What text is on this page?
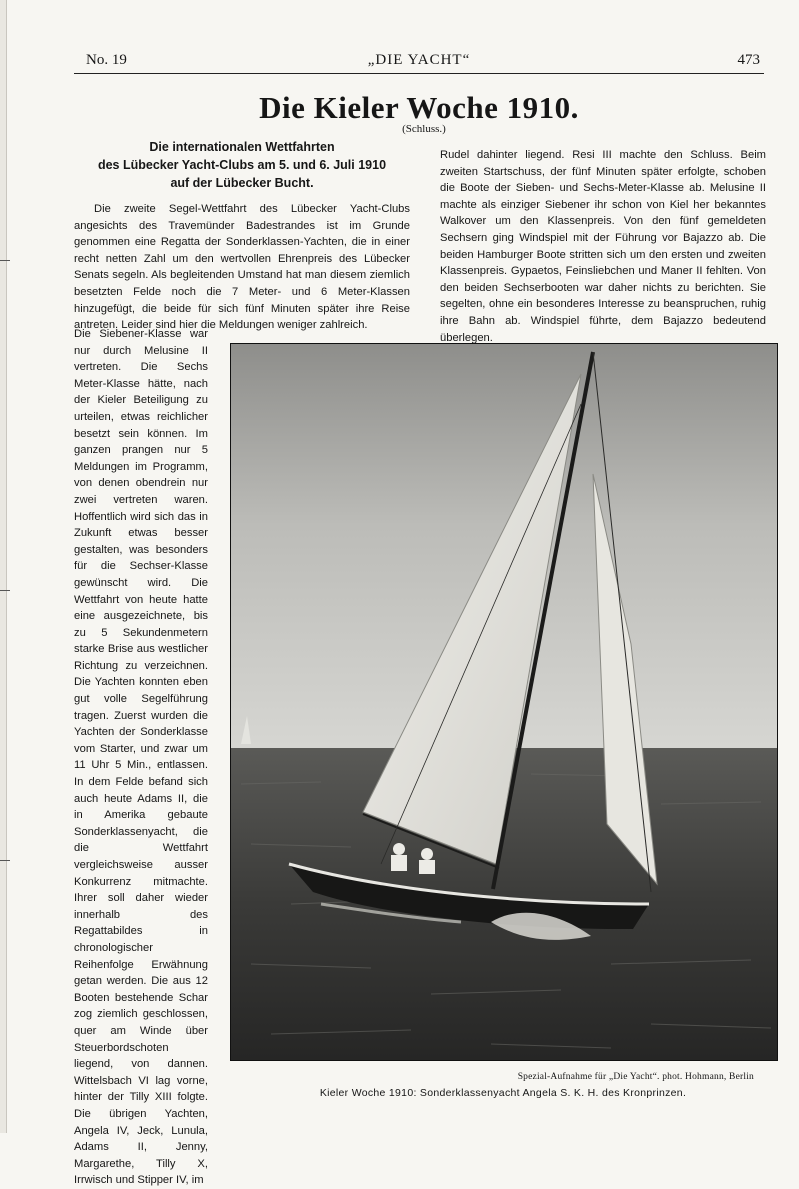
No. 19	„DIE YACHT“	473
Die Kieler Woche 1910.
(Schluss.)
Die internationalen Wettfahrten
des Lübecker Yacht-Clubs am 5. und 6. Juli 1910
auf der Lübecker Bucht.
Die zweite Segel-Wettfahrt des Lübecker Yacht-Clubs angesichts des Travemünder Badestrandes ist im Grunde genommen eine Regatta der Sonderklassen-Yachten, die in einer recht netten Zahl um den wertvollen Ehrenpreis des Lübecker Senats segeln. Als begleitenden Umstand hat man diesem ziemlich besetzten Felde noch die 7 Meter- und 6 Meter-Klassen hinzugefügt, die beide für sich fünf Minuten später ihre Reise antreten. Leider sind hier die Meldungen weniger zahlreich.
Die Siebener-Klasse war nur durch Melusine II vertreten. Die Sechs Meter-Klasse hätte, nach der Kieler Beteiligung zu urteilen, etwas reichlicher besetzt sein können. Im ganzen prangen nur 5 Meldungen im Programm, von denen obendrein nur zwei vertreten waren. Hoffentlich wird sich das in Zukunft etwas besser gestalten, was besonders für die Sechser-Klasse gewünscht wird. Die Wettfahrt von heute hatte eine ausgezeichnete, bis zu 5 Sekundenmetern starke Brise aus westlicher Richtung zu verzeichnen. Die Yachten konnten eben gut volle Segelführung tragen. Zuerst wurden die Yachten der Sonderklasse vom Starter, und zwar um 11 Uhr 5 Min., entlassen. In dem Felde befand sich auch heute Adams II, die in Amerika gebaute Sonderklassenyacht, die die Wettfahrt vergleichsweise ausser Konkurrenz mitmachte. Ihrer soll daher wieder innerhalb des Regattabildes in chronologischer Reihenfolge Erwähnung getan werden. Die aus 12 Booten bestehende Schar zog ziemlich geschlossen, quer am Winde über Steuerbordschoten liegend, von dannen. Wittelsbach VI lag vorne, hinter der Tilly XIII folgte. Die übrigen Yachten, Angela IV, Jeck, Lunula, Adams II, Jenny, Margarethe, Tilly X, Irrwisch und Stipper IV, im
Rudel dahinter liegend. Resi III machte den Schluss. Beim zweiten Startschuss, der fünf Minuten später erfolgte, schoben die Boote der Sieben- und Sechs-Meter-Klasse ab. Melusine II machte als einziger Siebener ihr schon von Kiel her bekanntes Walkover um den Klassenpreis. Von den fünf gemeldeten Sechsern ging Windspiel mit der Führung vor Bajazzo ab. Die beiden Hamburger Boote stritten sich um den ersten und zweiten Klassenpreis. Gypaetos, Feinsliebchen und Maner II fehlten. Von den beiden Sechserbooten war daher nichts zu berichten. Sie segelten, ohne ein besonderes Interesse zu beanspruchen, ruhig ihre Bahn ab. Windspiel führte, dem Bajazzo bedeutend überlegen.
Spezial-Aufnahme für „Die Yacht“. phot. Hohmann, Berlin
Kieler Woche 1910: Sonderklassenyacht Angela S. K. H. des Kronprinzen.
